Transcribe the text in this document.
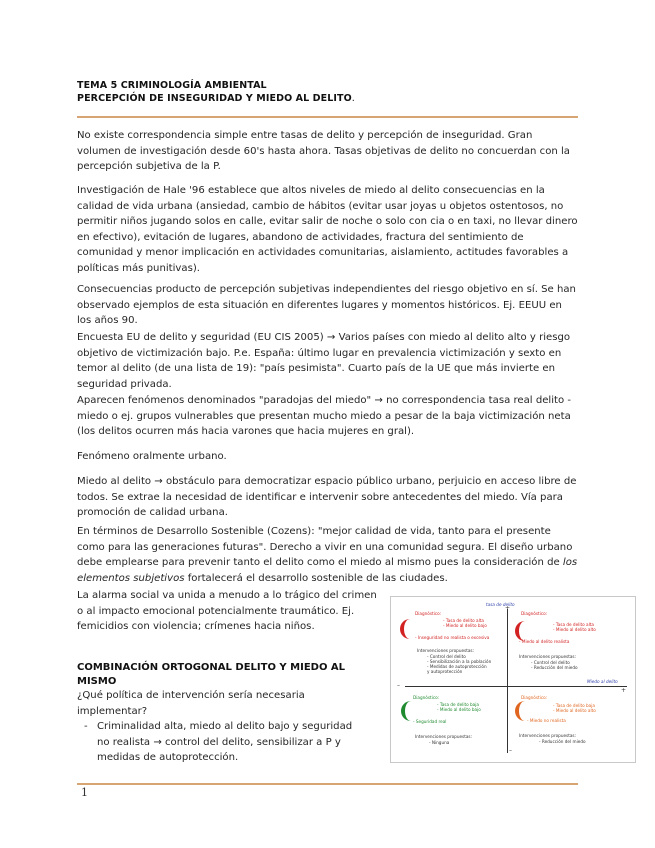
TEMA 5 CRIMINOLOGÍA AMBIENTAL
PERCEPCIÓN DE INSEGURIDAD Y MIEDO AL DELITO.

No existe correspondencia simple entre tasas de delito y percepción de inseguridad. Gran volumen de investigación desde 60's hasta ahora. Tasas objetivas de delito no concuerdan con la percepción subjetiva de la P.

Investigación de Hale '96 establece que altos niveles de miedo al delito consecuencias en la calidad de vida urbana (ansiedad, cambio de hábitos (evitar usar joyas u objetos ostentosos, no permitir niños jugando solos en calle, evitar salir de noche o solo con cia o en taxi, no llevar dinero en efectivo), evitación de lugares, abandono de actividades, fractura del sentimiento de comunidad y menor implicación en actividades comunitarias, aislamiento, actitudes favorables a políticas más punitivas).

Consecuencias producto de percepción subjetivas independientes del riesgo objetivo en sí. Se han observado ejemplos de esta situación en diferentes lugares y momentos históricos. Ej. EEUU en los años 90.

Encuesta EU de delito y seguridad (EU CIS 2005) → Varios países con miedo al delito alto y riesgo objetivo de victimización bajo. P.e. España: último lugar en prevalencia victimización y sexto en temor al delito (de una lista de 19): "país pesimista". Cuarto país de la UE que más invierte en seguridad privada.

Aparecen fenómenos denominados "paradojas del miedo" → no correspondencia tasa real delito - miedo o ej. grupos vulnerables que presentan mucho miedo a pesar de la baja victimización neta (los delitos ocurren más hacia varones que hacia mujeres en gral).

Fenómeno oralmente urbano.

Miedo al delito → obstáculo para democratizar espacio público urbano, perjuicio en acceso libre de todos. Se extrae la necesidad de identificar e intervenir sobre antecedentes del miedo. Vía para promoción de calidad urbana.

En términos de Desarrollo Sostenible (Cozens): "mejor calidad de vida, tanto para el presente como para las generaciones futuras". Derecho a vivir en una comunidad segura. El diseño urbano debe emplearse para prevenir tanto el delito como el miedo al mismo pues la consideración de los elementos subjetivos fortalecerá el desarrollo sostenible de las ciudades.

La alarma social va unida a menudo a lo trágico del crimen o al impacto emocional potencialmente traumático. Ej. femicidios con violencia; crímenes hacia niños.

COMBINACIÓN ORTOGONAL DELITO Y MIEDO AL MISMO

¿Qué política de intervención sería necesaria implementar?

- Criminalidad alta, miedo al delito bajo y seguridad no realista → control del delito, sensibilizar a P y medidas de autoprotección.
tasa de delito
+
Miedo al delito
+
–
–
Diagnóstico:
- Tasa de delito alta
- Miedo al delito bajo
- Inseguridad no realista o excesiva
Intervenciones propuestas:
- Control del delito
- Sensibilización a la población
- Medidas de autoprotección
y autoprotección
Diagnóstico:
- Tasa de delito alta
- Miedo al delito alto
- Miedo al delito realista
Intervenciones propuestas:
- Control del delito
- Reducción del miedo
Diagnóstico:
- Tasa de delito baja
- Miedo al delito bajo
- Seguridad real
Intervenciones propuestas:
- Ninguna
Diagnóstico:
- Tasa de delito baja
- Miedo al delito alto
- Miedo no realista
Intervenciones propuestas:
- Reducción del miedo
1
